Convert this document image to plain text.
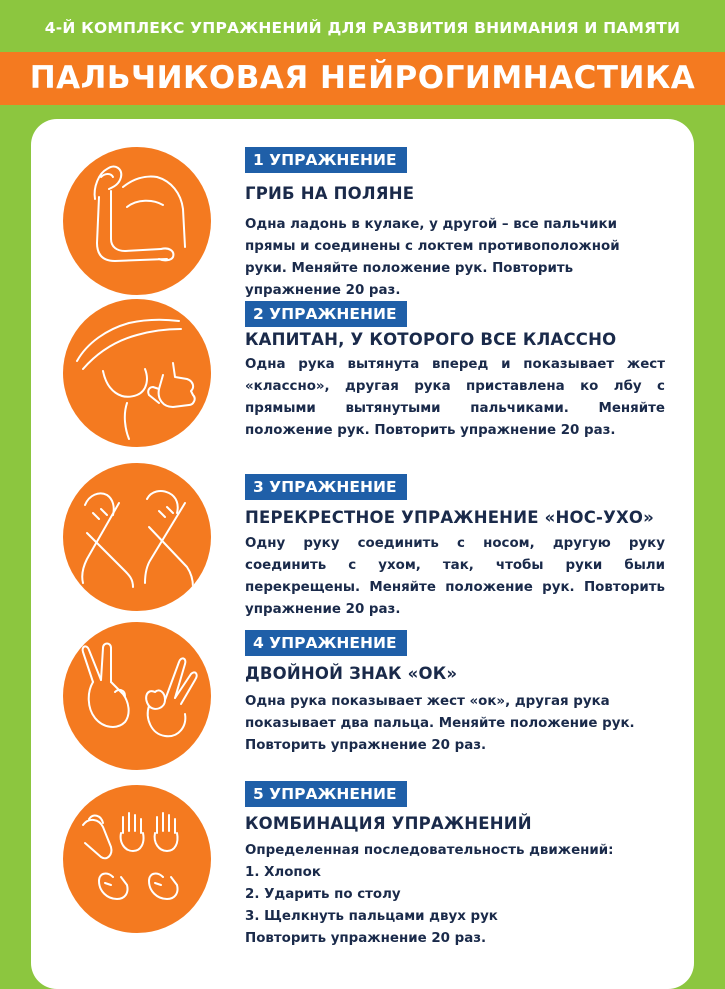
4-Й КОМПЛЕКС УПРАЖНЕНИЙ ДЛЯ РАЗВИТИЯ ВНИМАНИЯ И ПАМЯТИ
ПАЛЬЧИКОВАЯ НЕЙРОГИМНАСТИКА
1 УПРАЖНЕНИЕ
ГРИБ НА ПОЛЯНЕ
Одна ладонь в кулаке, у другой – все пальчики прямы и соединены с локтем противоположной руки. Меняйте положение рук. Повторить упражнение 20 раз.
2 УПРАЖНЕНИЕ
КАПИТАН, У КОТОРОГО ВСЕ КЛАССНО
Одна рука вытянута вперед и показывает жест «классно», другая рука приставлена ко лбу с прямыми вытянутыми пальчиками. Меняйте положение рук. Повторить упражнение 20 раз.
3 УПРАЖНЕНИЕ
ПЕРЕКРЕСТНОЕ УПРАЖНЕНИЕ «НОС-УХО»
Одну руку соединить с носом, другую руку соединить с ухом, так, чтобы руки были перекрещены. Меняйте положение рук. Повторить упражнение 20 раз.
4 УПРАЖНЕНИЕ
ДВОЙНОЙ ЗНАК «ОК»
Одна рука показывает жест «ок», другая рука показывает два пальца. Меняйте положение рук. Повторить упражнение 20 раз.
5 УПРАЖНЕНИЕ
КОМБИНАЦИЯ УПРАЖНЕНИЙ
Определенная последовательность движений:
1. Хлопок
2. Ударить по столу
3. Щелкнуть пальцами двух рук
Повторить упражнение 20 раз.
